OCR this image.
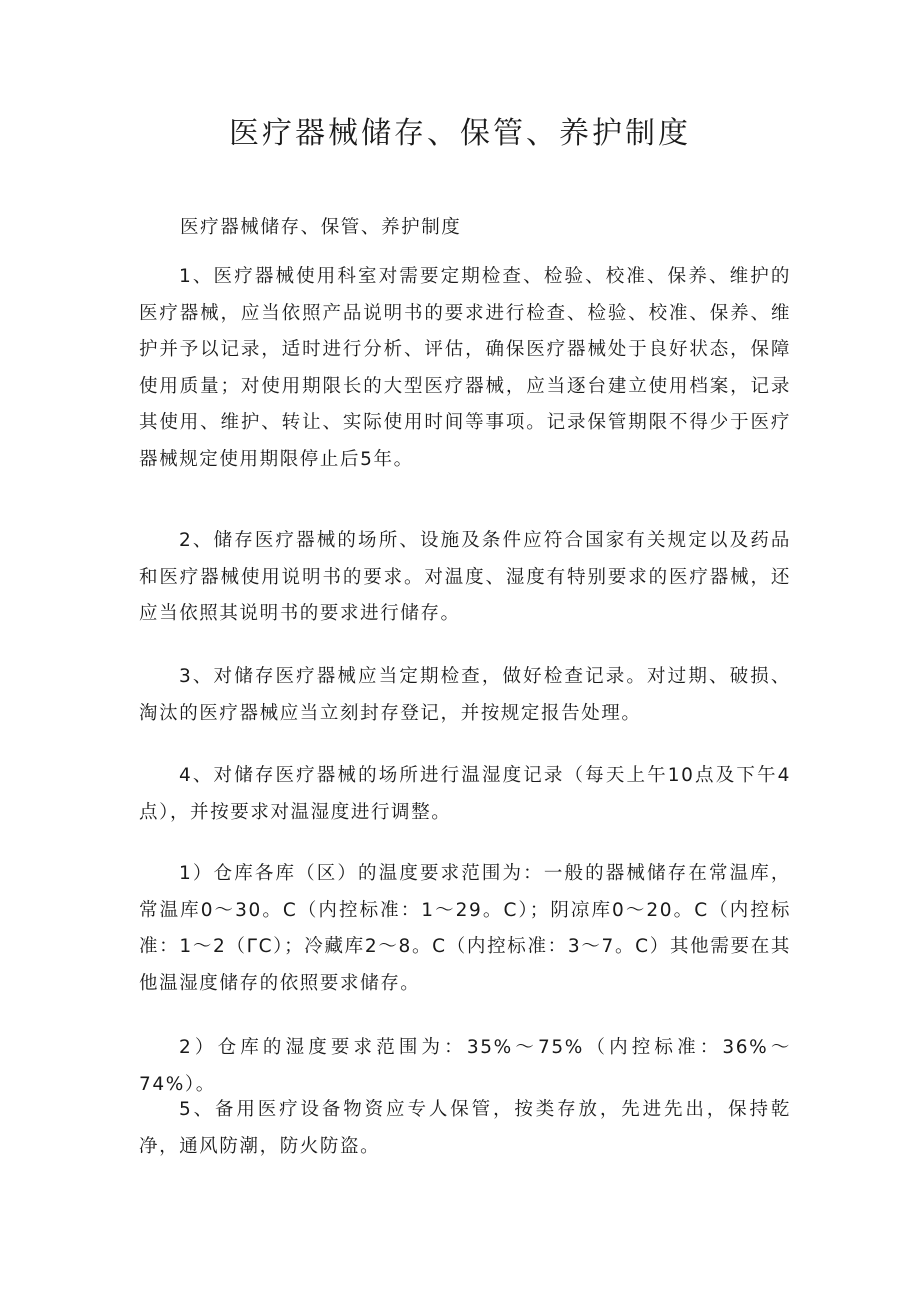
医疗器械储存、保管、养护制度

医疗器械储存、保管、养护制度

1、医疗器械使用科室对需要定期检查、检验、校准、保养、维护的医疗器械，应当依照产品说明书的要求进行检查、检验、校准、保养、维护并予以记录，适时进行分析、评估，确保医疗器械处于良好状态，保障使用质量；对使用期限长的大型医疗器械，应当逐台建立使用档案，记录其使用、维护、转让、实际使用时间等事项。记录保管期限不得少于医疗器械规定使用期限停止后5年。

2、储存医疗器械的场所、设施及条件应符合国家有关规定以及药品和医疗器械使用说明书的要求。对温度、湿度有特别要求的医疗器械，还应当依照其说明书的要求进行储存。

3、对储存医疗器械应当定期检查，做好检查记录。对过期、破损、淘汰的医疗器械应当立刻封存登记，并按规定报告处理。

4、对储存医疗器械的场所进行温湿度记录（每天上午10点及下午4点），并按要求对温湿度进行调整。

1）仓库各库（区）的温度要求范围为：一般的器械储存在常温库，常温库0～30。C（内控标准：1～29。C）；阴凉库0～20。C（内控标准：1～2（ΓC）；冷藏库2～8。C（内控标准：3～7。C）其他需要在其他温湿度储存的依照要求储存。

2）仓库的湿度要求范围为：35%～75%（内控标准：36%～74%）。

5、备用医疗设备物资应专人保管，按类存放，先进先出，保持乾净，通风防潮，防火防盗。
